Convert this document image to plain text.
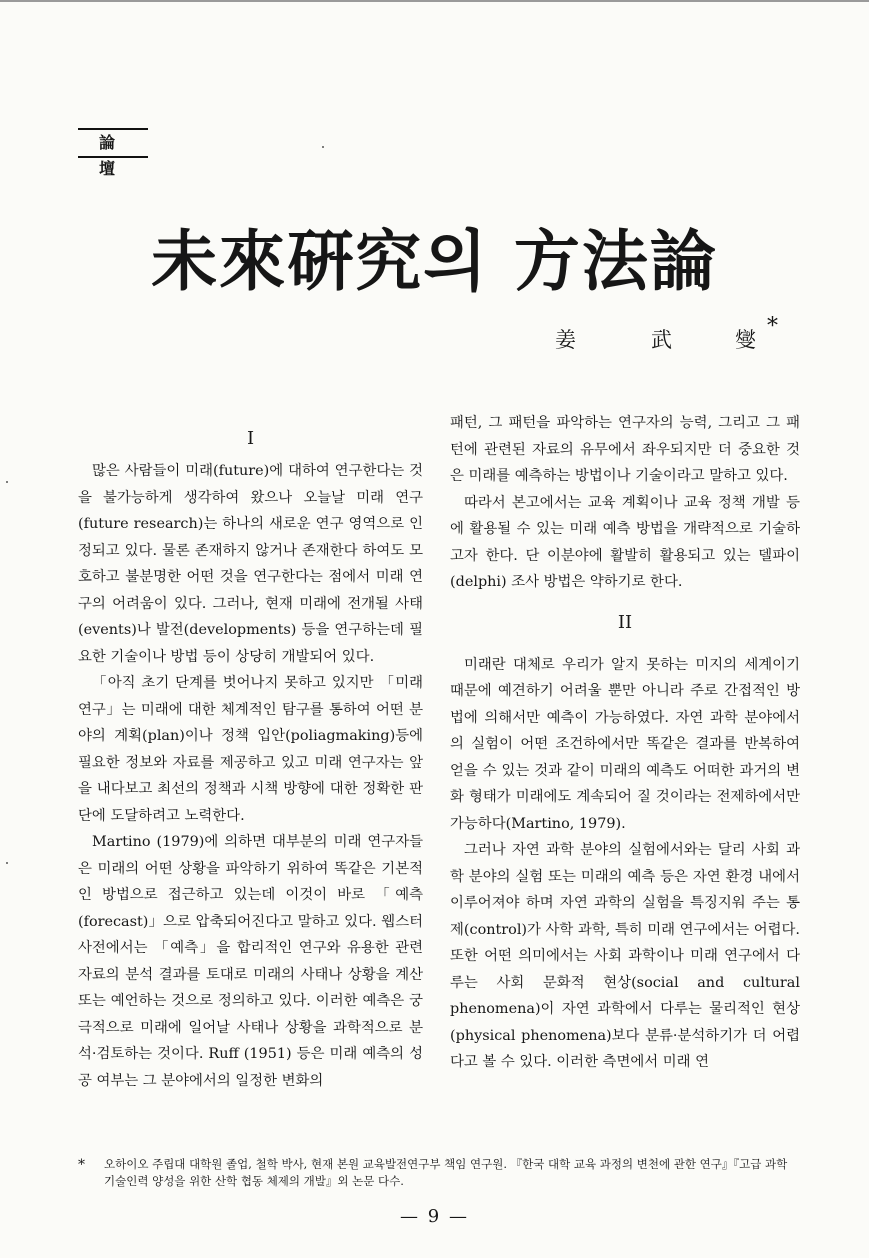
論 壇
未來硏究의 方法論
姜	武	燮
*
I

많은 사람들이 미래(future)에 대하여 연구한다는 것을 불가능하게 생각하여 왔으나 오늘날 미래 연구(future research)는 하나의 새로운 연구 영역으로 인정되고 있다. 물론 존재하지 않거나 존재한다 하여도 모호하고 불분명한 어떤 것을 연구한다는 점에서 미래 연구의 어려움이 있다. 그러나, 현재 미래에 전개될 사태(events)나 발전(developments) 등을 연구하는데 필요한 기술이나 방법 등이 상당히 개발되어 있다.

「아직 초기 단계를 벗어나지 못하고 있지만 「미래 연구」는 미래에 대한 체계적인 탐구를 통하여 어떤 분야의 계획(plan)이나 정책 입안(poliagmaking)등에 필요한 정보와 자료를 제공하고 있고 미래 연구자는 앞을 내다보고 최선의 정책과 시책 방향에 대한 정확한 판단에 도달하려고 노력한다.

Martino (1979)에 의하면 대부분의 미래 연구자들은 미래의 어떤 상황을 파악하기 위하여 똑같은 기본적인 방법으로 접근하고 있는데 이것이 바로 「예측(forecast)」으로 압축되어진다고 말하고 있다. 웹스터 사전에서는 「예측」을 합리적인 연구와 유용한 관련 자료의 분석 결과를 토대로 미래의 사태나 상황을 계산 또는 예언하는 것으로 정의하고 있다. 이러한 예측은 궁극적으로 미래에 일어날 사태나 상황을 과학적으로 분석·검토하는 것이다. Ruff (1951) 등은 미래 예측의 성공 여부는 그 분야에서의 일정한 변화의

패턴, 그 패턴을 파악하는 연구자의 능력, 그리고 그 패턴에 관련된 자료의 유무에서 좌우되지만 더 중요한 것은 미래를 예측하는 방법이나 기술이라고 말하고 있다.

따라서 본고에서는 교육 계획이나 교육 정책 개발 등에 활용될 수 있는 미래 예측 방법을 개략적으로 기술하고자 한다. 단 이분야에 활발히 활용되고 있는 델파이(delphi) 조사 방법은 약하기로 한다.

II

미래란 대체로 우리가 알지 못하는 미지의 세계이기 때문에 예견하기 어려울 뿐만 아니라 주로 간접적인 방법에 의해서만 예측이 가능하였다. 자연 과학 분야에서의 실험이 어떤 조건하에서만 똑같은 결과를 반복하여 얻을 수 있는 것과 같이 미래의 예측도 어떠한 과거의 변화 형태가 미래에도 계속되어 질 것이라는 전제하에서만 가능하다(Martino, 1979).

그러나 자연 과학 분야의 실험에서와는 달리 사회 과학 분야의 실험 또는 미래의 예측 등은 자연 환경 내에서 이루어져야 하며 자연 과학의 실험을 특징지워 주는 통제(control)가 사학 과학, 특히 미래 연구에서는 어렵다. 또한 어떤 의미에서는 사회 과학이나 미래 연구에서 다루는 사회 문화적 현상(social and cultural phenomena)이 자연 과학에서 다루는 물리적인 현상(physical phenomena)보다 분류·분석하기가 더 어렵다고 볼 수 있다. 이러한 측면에서 미래 연

* 오하이오 주립대 대학원 졸업, 철학 박사, 현재 본원 교육발전연구부 책임 연구원. 『한국 대학 교육 과정의 변천에 관한 연구』『고급 과학 기술인력 양성을 위한 산학 협동 체제의 개발』외 논문 다수.
— 9 —
